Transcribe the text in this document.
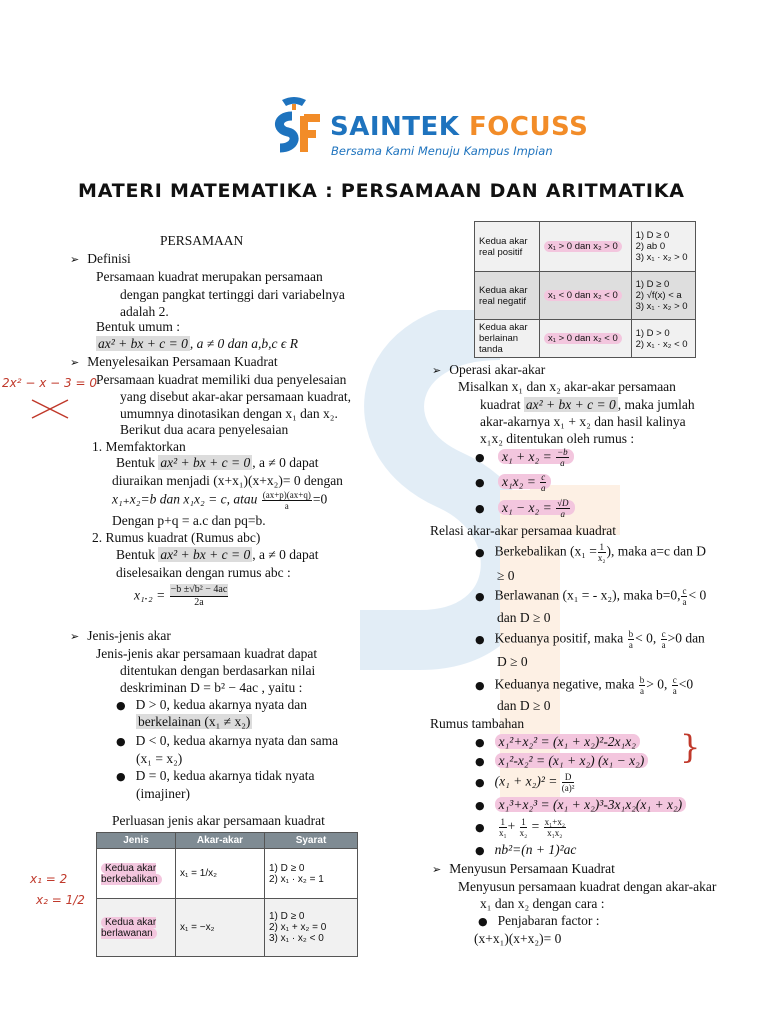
SAINTEK FOCUSS
Bersama Kami Menuju Kampus Impian
MATERI MATEMATIKA : PERSAMAAN DAN ARITMATIKA
PERSAMAAN
➢ Definisi
Persamaan kuadrat merupakan persamaan
dengan pangkat tertinggi dari variabelnya
adalah 2.
Bentuk umum :
ax² + bx + c = 0 , a ≠ 0 dan a,b,c ϵ R
➢ Menyelesaikan Persamaan Kuadrat
Persamaan kuadrat memiliki dua penyelesaian
yang disebut akar-akar persamaan kuadrat,
umumnya dinotasikan dengan x₁ dan x₂.
Berikut dua acara penyelesaian
1. Memfaktorkan
Bentuk ax² + bx + c = 0 , a ≠ 0 dapat
diuraikan menjadi (x+x₁)(x+x₂)= 0 dengan
x₁₊x₂=b dan x₁x₂ = c, atau $\frac{(ax+p)(ax+q)}{a} =0$
Dengan p+q = a.c dan pq=b.
2. Rumus kuadrat (Rumus abc)
Bentuk ax² + bx + c = 0 , a ≠ 0 dapat
diselesaikan dengan rumus abc :
$x_1._2 = \frac{\text{−b ±√b² − 4ac}}{2a}$
➢ Jenis-jenis akar
Jenis-jenis akar persamaan kuadrat dapat
ditentukan dengan berdasarkan nilai
deskriminan D = b² − 4ac , yaitu :
● D > 0, kedua akarnya nyata dan
berkelainan (x₁ ≠ x₂)
● D < 0, kedua akarnya nyata dan sama
(x₁ = x₂)
● D = 0, kedua akarnya tidak nyata
(imajiner)
Perluasan jenis akar persamaan kuadrat
Jenis	Akar-akar	Syarat
Kedua akar berkebalikan	x₁ = 1/x₂	1) D ≥ 0
2) x₁ · x₂ = 1

Kedua akar berlawanan	x₁ = −x₂	1) D ≥ 0
2) x₁ + x₂ = 0
3) x₁ · x₂ < 0
2x² − x − 3 = 0
x₁ = 2
x₂ = 1/2
Kedua akar real positif	x₁ > 0 dan x₂ > 0	1) D ≥ 0
2) ab 0
3) x₁ · x₂ > 0

Kedua akar real negatif	x₁ < 0 dan x₂ < 0	1) D ≥ 0
2) √f(x) < a
3) x₁ · x₂ > 0

Kedua akar berlainan tanda	x₁ > 0 dan x₂ < 0	1) D > 0
2) x₁ · x₂ < 0
➢ Operasi akar-akar
Misalkan x₁ dan x₂ akar-akar persamaan
kuadrat ax² + bx + c = 0 , maka jumlah
akar-akarnya x₁ + x₂ dan hasil kalinya
x₁x₂ ditentukan oleh rumus :
● $x_1 + x_2 = \frac{-b}{a}$
● $x_1x_2 = \frac{c}{a}$
● $x_1 - x_2 = \frac{√D}{a}$
Relasi akar-akar persamaa kuadrat
● Berkebalikan ($x_1 = \frac{1}{\text{x₂}}$ ), maka a=c dan D
≥ 0
● Berlawanan (x₁ = - x₂), maka b=0, $\frac{c}{a} < 0$
dan D ≥ 0
● Keduanya positif, maka $\frac{b}{a} < 0$, $\frac{c}{a} >0$ dan
D ≥ 0
● Keduanya negative, maka $\frac{b}{a} > 0$, $\frac{c}{a} <0$
dan D ≥ 0
Rumus tambahan
● x₁²+x₂² = (x₁ + x₂)²-2x₁x₂
● x₁²-x₂² = (x₁ + x₂) (x₁ − x₂) }
● $(x_1 + x_2)^2 = \frac{D}{\text{(a)²}}$
● x₁³+x₂³ = (x₁ + x₂)³-3x₁x₂(x₁ + x₂)
● $\frac{1}{\text{x₁}} + \frac{1}{\text{x₂}} = \frac{\text{x₁+x₂}}{\text{x₁x₂}}$
● nb²=(n + 1)²ac
➢ Menyusun Persamaan Kuadrat
Menyusun persamaan kuadrat dengan akar-akar
x₁ dan x₂ dengan cara :
● Penjabaran factor :
(x+x₁)(x+x₂)= 0
